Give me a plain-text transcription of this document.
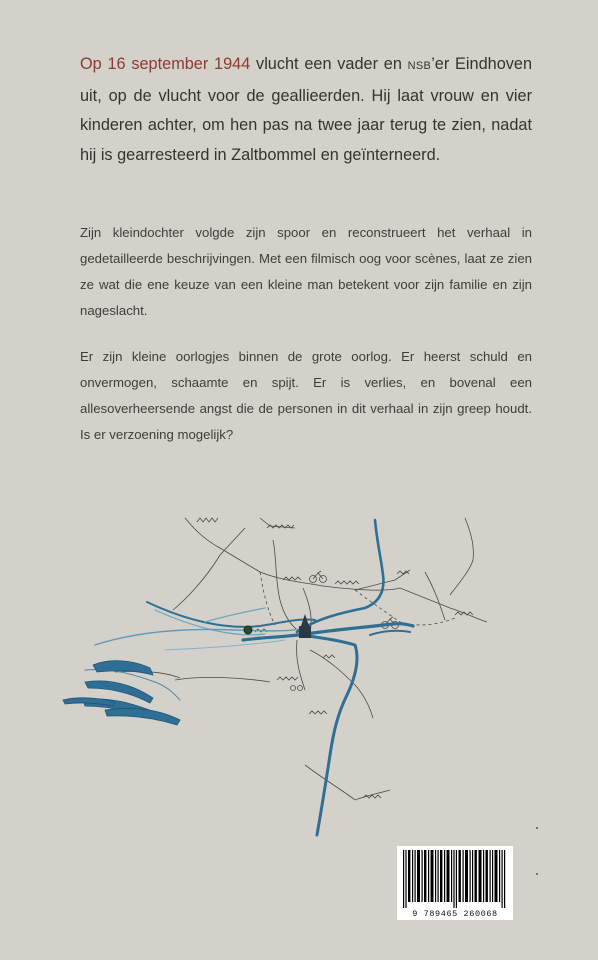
Op 16 september 1944 vlucht een vader en NSB’er Eindhoven uit, op de vlucht voor de geallieerden. Hij laat vrouw en vier kinderen achter, om hen pas na twee jaar terug te zien, nadat hij is gearresteerd in Zaltbommel en geïnterneerd.

Zijn kleindochter volgde zijn spoor en reconstrueert het verhaal in gedetailleerde beschrijvingen. Met een filmisch oog voor scènes, laat ze zien ze wat die ene keuze van een kleine man betekent voor zijn familie en zijn nageslacht.

Er zijn kleine oorlogjes binnen de grote oorlog. Er heerst schuld en onvermogen, schaamte en spijt. Er is verlies, en bovenal een allesoverheersende angst die de personen in dit verhaal in zijn greep houdt. Is er verzoening mogelijk?

9 789465 260068
